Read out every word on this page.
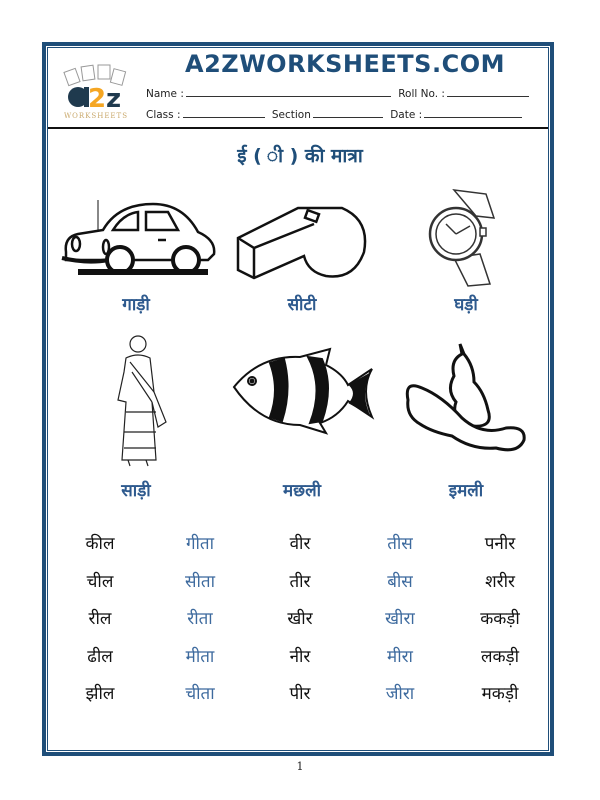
2 z
WORKSHEETS
A2ZWORKSHEETS.COM
Name :	Roll No. :
Class :	Section	Date :
ई ( ी ) की मात्रा
गाड़ी	सीटी	घड़ी
साड़ी	मछली	इमली
कील	गीता	वीर	तीस	पनीर
चील	सीता	तीर	बीस	शरीर
रील	रीता	खीर	खीरा	ककड़ी
ढील	मीता	नीर	मीरा	लकड़ी
झील	चीता	पीर	जीरा	मकड़ी
1
